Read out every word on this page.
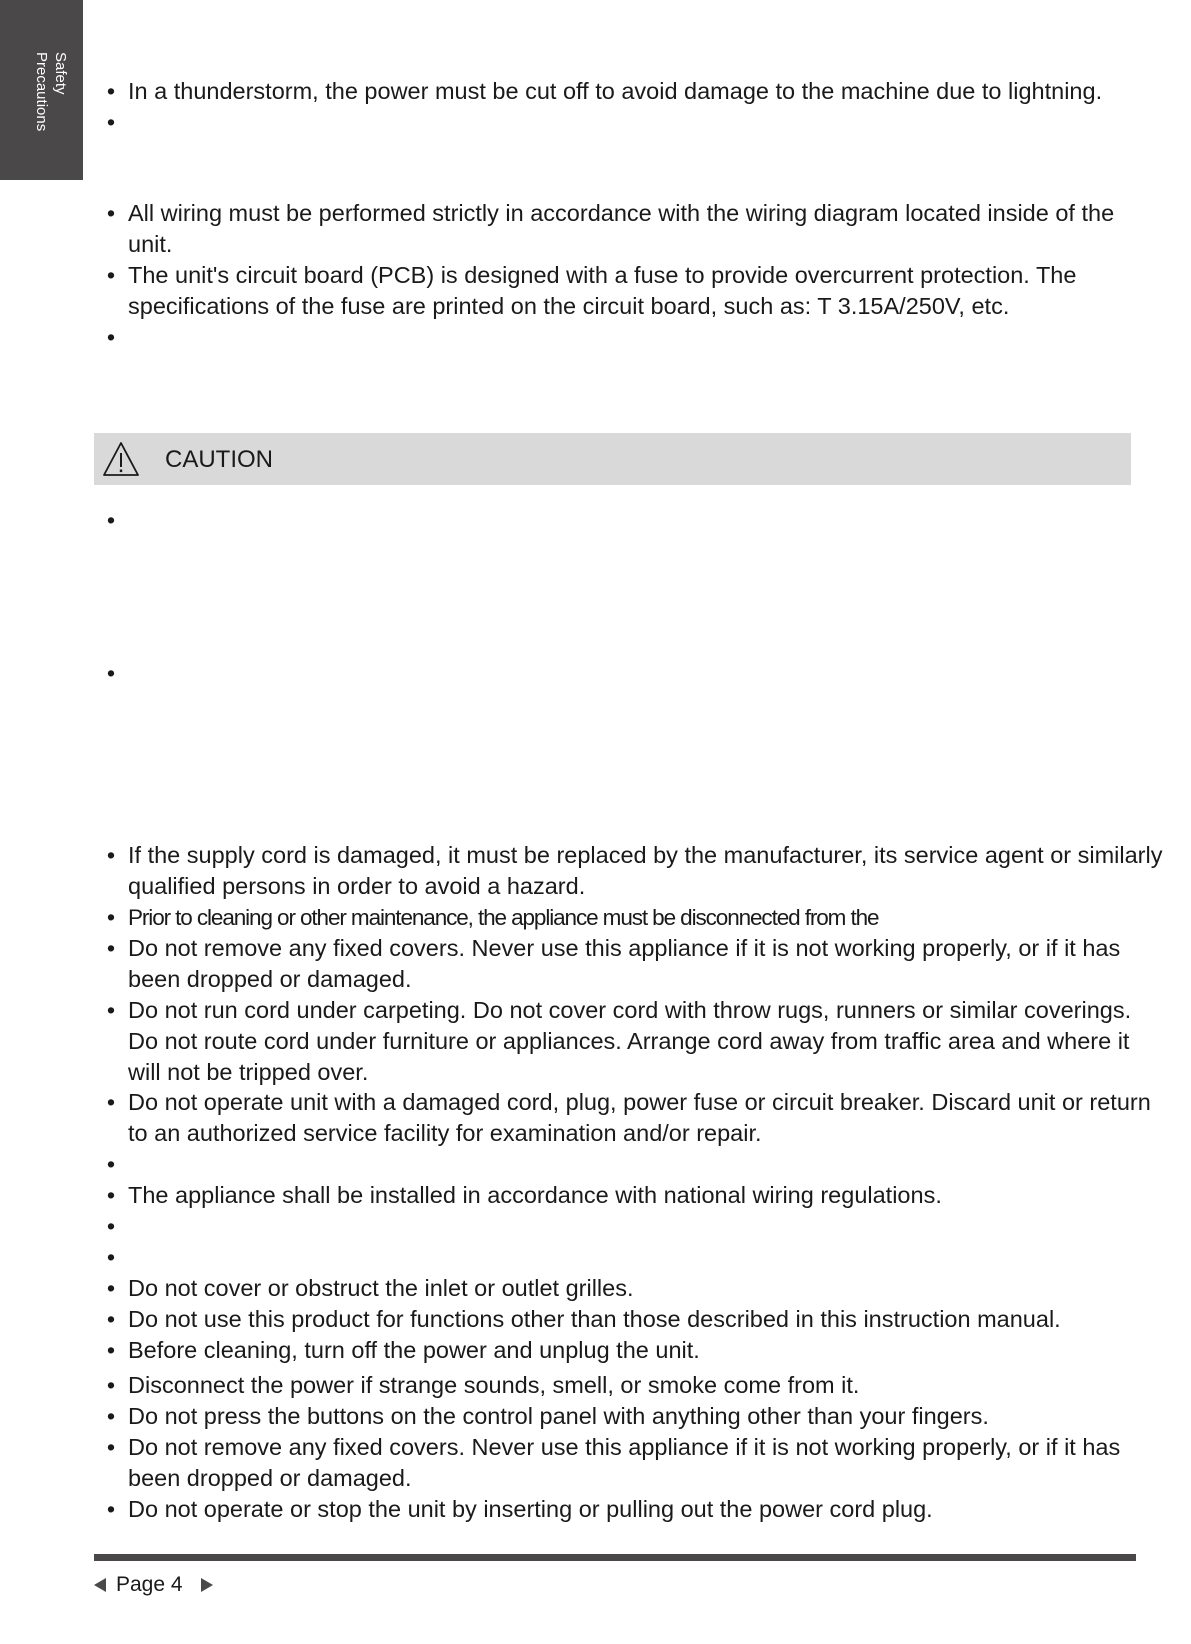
Safety
Precautions • In a thunderstorm, the power must be cut off to avoid damage to the machine due to lightning.
•
• All wiring must be performed strictly in accordance with the wiring diagram located inside of the unit.
• The unit's circuit board (PCB) is designed with a fuse to provide overcurrent protection. The specifications of the fuse are printed on the circuit board, such as: T 3.15A/250V, etc.
•
CAUTION
•
•
• If the supply cord is damaged, it must be replaced by the manufacturer, its service agent or similarly qualified persons in order to avoid a hazard.
• Prior to cleaning or other maintenance, the appliance must be disconnected from the
• Do not remove any fixed covers. Never use this appliance if it is not working properly, or if it has been dropped or damaged.
• Do not run cord under carpeting. Do not cover cord with throw rugs, runners or similar coverings. Do not route cord under furniture or appliances. Arrange cord away from traffic area and where it will not be tripped over.
• Do not operate unit with a damaged cord, plug, power fuse or circuit breaker. Discard unit or return to an authorized service facility for examination and/or repair.
•
• The appliance shall be installed in accordance with national wiring regulations.
•
•
• Do not cover or obstruct the inlet or outlet grilles.
• Do not use this product for functions other than those described in this instruction manual.
• Before cleaning, turn off the power and unplug the unit.
• Disconnect the power if strange sounds, smell, or smoke come from it.
• Do not press the buttons on the control panel with anything other than your fingers.
• Do not remove any fixed covers. Never use this appliance if it is not working properly, or if it has been dropped or damaged.
• Do not operate or stop the unit by inserting or pulling out the power cord plug.
Page 4
